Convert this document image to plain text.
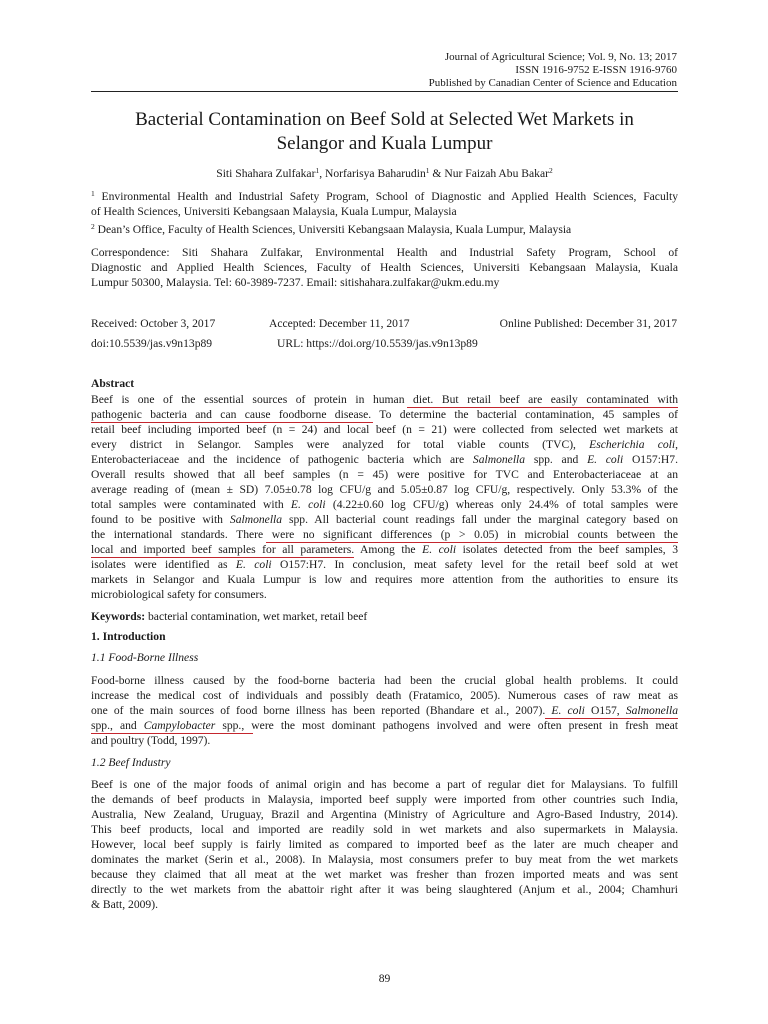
Journal of Agricultural Science; Vol. 9, No. 13; 2017
ISSN 1916-9752 E-ISSN 1916-9760
Published by Canadian Center of Science and Education
Bacterial Contamination on Beef Sold at Selected Wet Markets in
Selangor and Kuala Lumpur
Siti Shahara Zulfakar$^1$, Norfarisya Baharudin$^1$ & Nur Faizah Abu Bakar$^2$
$^1$ Environmental Health and Industrial Safety Program, School of Diagnostic and Applied Health Sciences, Faculty
of Health Sciences, Universiti Kebangsaan Malaysia, Kuala Lumpur, Malaysia
$^2$ Dean’s Office, Faculty of Health Sciences, Universiti Kebangsaan Malaysia, Kuala Lumpur, Malaysia
Correspondence: Siti Shahara Zulfakar, Environmental Health and Industrial Safety Program, School of
Diagnostic and Applied Health Sciences, Faculty of Health Sciences, Universiti Kebangsaan Malaysia, Kuala
Lumpur 50300, Malaysia. Tel: 60-3989-7237. Email: sitishahara.zulfakar@ukm.edu.my
Received: October 3, 2017	Accepted: December 11, 2017	Online Published: December 31, 2017
doi:10.5539/jas.v9n13p89	URL: https://doi.org/10.5539/jas.v9n13p89
Abstract
Beef is one of the essential sources of protein in human diet. But retail beef are easily contaminated with
pathogenic bacteria and can cause foodborne disease. To determine the bacterial contamination, 45 samples of
retail beef including imported beef (n = 24) and local beef (n = 21) were collected from selected wet markets at
every district in Selangor. Samples were analyzed for total viable counts (TVC), Escherichia coli,
Enterobacteriaceae and the incidence of pathogenic bacteria which are Salmonella spp. and E. coli O157:H7.
Overall results showed that all beef samples (n = 45) were positive for TVC and Enterobacteriaceae at an
average reading of (mean ± SD) 7.05±0.78 log CFU/g and 5.05±0.87 log CFU/g, respectively. Only 53.3% of the
total samples were contaminated with E. coli (4.22±0.60 log CFU/g) whereas only 24.4% of total samples were
found to be positive with Salmonella spp. All bacterial count readings fall under the marginal category based on
the international standards. There were no significant differences (p > 0.05) in microbial counts between the
local and imported beef samples for all parameters. Among the E. coli isolates detected from the beef samples, 3
isolates were identified as E. coli O157:H7. In conclusion, meat safety level for the retail beef sold at wet
markets in Selangor and Kuala Lumpur is low and requires more attention from the authorities to ensure its
microbiological safety for consumers.
Keywords: bacterial contamination, wet market, retail beef
1. Introduction
1.1 Food-Borne Illness
Food-borne illness caused by the food-borne bacteria had been the crucial global health problems. It could
increase the medical cost of individuals and possibly death (Fratamico, 2005). Numerous cases of raw meat as
one of the main sources of food borne illness has been reported (Bhandare et al., 2007). E. coli O157, Salmonella
spp., and Campylobacter spp., were the most dominant pathogens involved and were often present in fresh meat
and poultry (Todd, 1997).
1.2 Beef Industry
Beef is one of the major foods of animal origin and has become a part of regular diet for Malaysians. To fulfill
the demands of beef products in Malaysia, imported beef supply were imported from other countries such India,
Australia, New Zealand, Uruguay, Brazil and Argentina (Ministry of Agriculture and Agro-Based Industry, 2014).
This beef products, local and imported are readily sold in wet markets and also supermarkets in Malaysia.
However, local beef supply is fairly limited as compared to imported beef as the later are much cheaper and
dominates the market (Serin et al., 2008). In Malaysia, most consumers prefer to buy meat from the wet markets
because they claimed that all meat at the wet market was fresher than frozen imported meats and was sent
directly to the wet markets from the abattoir right after it was being slaughtered (Anjum et al., 2004; Chamhuri
& Batt, 2009).
89
